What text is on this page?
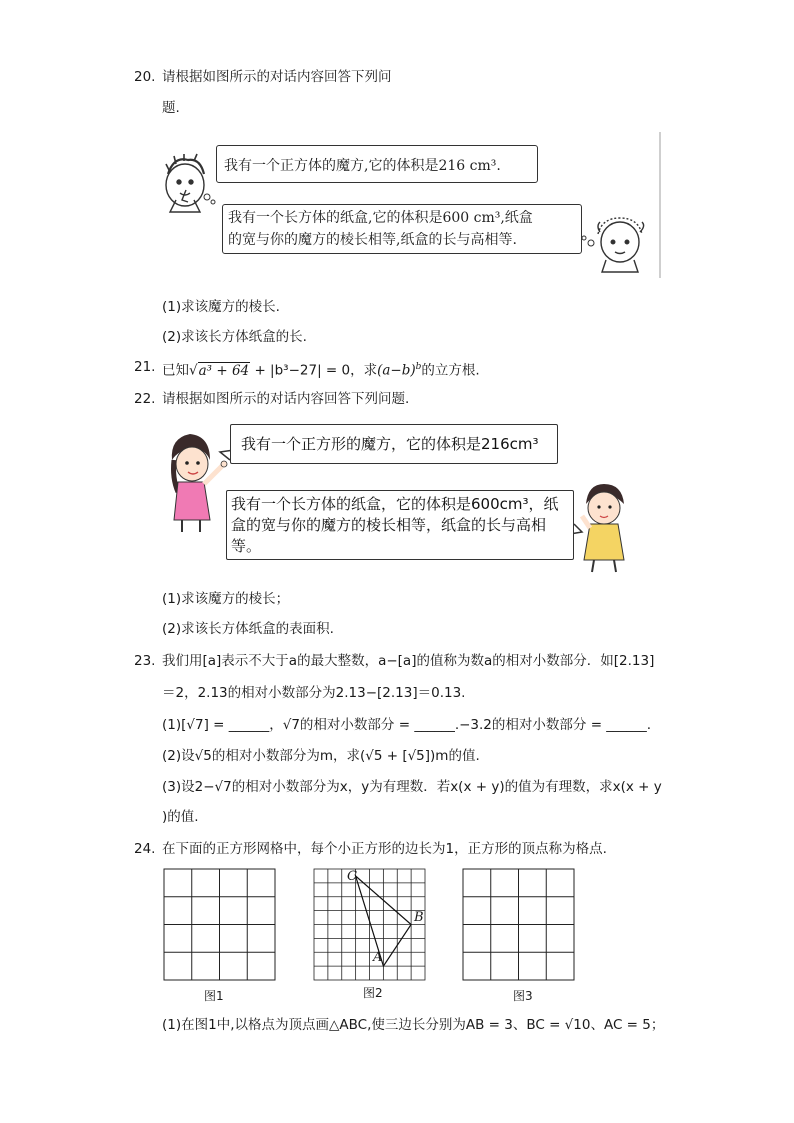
20. 请根据如图所示的对话内容回答下列问
题.
我有一个正方体的魔方,它的体积是216 cm³.
我有一个长方体的纸盒,它的体积是600 cm³,纸盒
的宽与你的魔方的棱长相等,纸盒的长与高相等.
(1)求该魔方的棱长.
(2)求该长方体纸盒的长.
21. 已知√a³ + 64 + |b³−27| = 0，求$(a-b)^b$的立方根.
22. 请根据如图所示的对话内容回答下列问题.
我有一个正方形的魔方，它的体积是216cm³
我有一个长方体的纸盒，它的体积是600cm³，纸
盒的宽与你的魔方的棱长相等，纸盒的长与高相
等。
(1)求该魔方的棱长；
(2)求该长方体纸盒的表面积.
23. 我们用[a]表示不大于a的最大整数，a−[a]的值称为数a的相对小数部分．如[2.13]
＝2，2.13的相对小数部分为2.13−[2.13]＝0.13.
(1)[√7] = ______，√7的相对小数部分 = ______.−3.2的相对小数部分 = ______.
(2)设√5的相对小数部分为m，求(√5 + [√5])m的值.
(3)设2−√7的相对小数部分为x，y为有理数．若x(x + y)的值为有理数，求x(x + y
)的值.
24. 在下面的正方形网格中，每个小正方形的边长为1，正方形的顶点称为格点.
图1
C
B
A
图2	图3
(1)在图1中,以格点为顶点画△ABC,使三边长分别为AB = 3、BC = √10、AC = 5；
